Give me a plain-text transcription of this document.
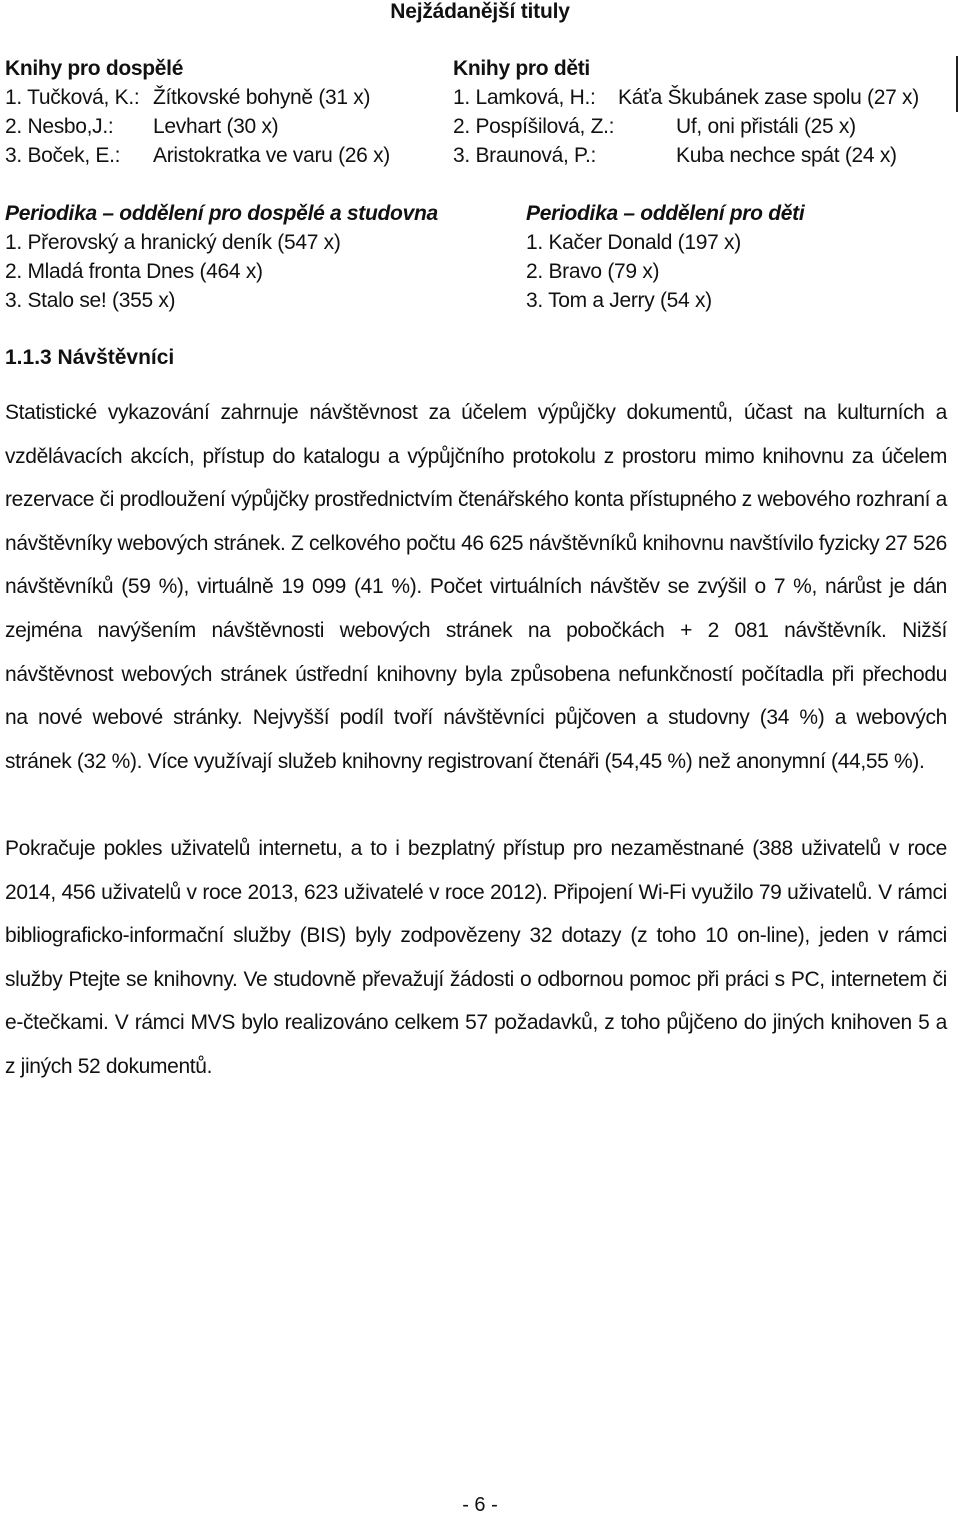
Nejžádanější tituly
Knihy pro dospělé
1. Tučková, K.: Žítkovské bohyně (31 x)
2. Nesbo,J.: Levhart (30 x)
3. Boček, E.: Aristokratka ve varu (26 x)
Knihy pro děti
1. Lamková, H.: Káťa Škubánek zase spolu (27 x)
2. Pospíšilová, Z.:	Uf, oni přistáli (25 x)
3. Braunová, P.:	Kuba nechce spát (24 x)
Periodika – oddělení pro dospělé a studovna
1. Přerovský a hranický deník (547 x)
2. Mladá fronta Dnes (464 x)
3. Stalo se! (355 x)
Periodika – oddělení pro děti
1. Kačer Donald (197 x)
2. Bravo (79 x)
3. Tom a Jerry (54 x)
1.1.3 Návštěvníci
Statistické vykazování zahrnuje návštěvnost za účelem výpůjčky dokumentů, účast na kulturních a vzdělávacích akcích, přístup do katalogu a výpůjčního protokolu z prostoru mimo knihovnu za účelem rezervace či prodloužení výpůjčky prostřednictvím čtenářského konta přístupného z webového rozhraní a návštěvníky webových stránek. Z celkového počtu 46 625 návštěvníků knihovnu navštívilo fyzicky 27 526 návštěvníků (59 %), virtuálně 19 099 (41 %). Počet virtuálních návštěv se zvýšil o 7 %, nárůst je dán zejména navýšením návštěvnosti webových stránek na pobočkách + 2 081 návštěvník. Nižší návštěvnost webových stránek ústřední knihovny byla způsobena nefunkčností počítadla při přechodu na nové webové stránky. Nejvyšší podíl tvoří návštěvníci půjčoven a studovny (34 %) a webových stránek (32 %). Více využívají služeb knihovny registrovaní čtenáři (54,45 %) než anonymní (44,55 %).
Pokračuje pokles uživatelů internetu, a to i bezplatný přístup pro nezaměstnané (388 uživatelů v roce 2014, 456 uživatelů v roce 2013, 623 uživatelé v roce 2012). Připojení Wi-Fi využilo 79 uživatelů. V rámci bibliograficko-informační služby (BIS) byly zodpovězeny 32 dotazy (z toho 10 on-line), jeden v rámci služby Ptejte se knihovny. Ve studovně převažují žádosti o odbornou pomoc při práci s PC, internetem či e-čtečkami. V rámci MVS bylo realizováno celkem 57 požadavků, z toho půjčeno do jiných knihoven 5 a z jiných 52 dokumentů.
- 6 -
